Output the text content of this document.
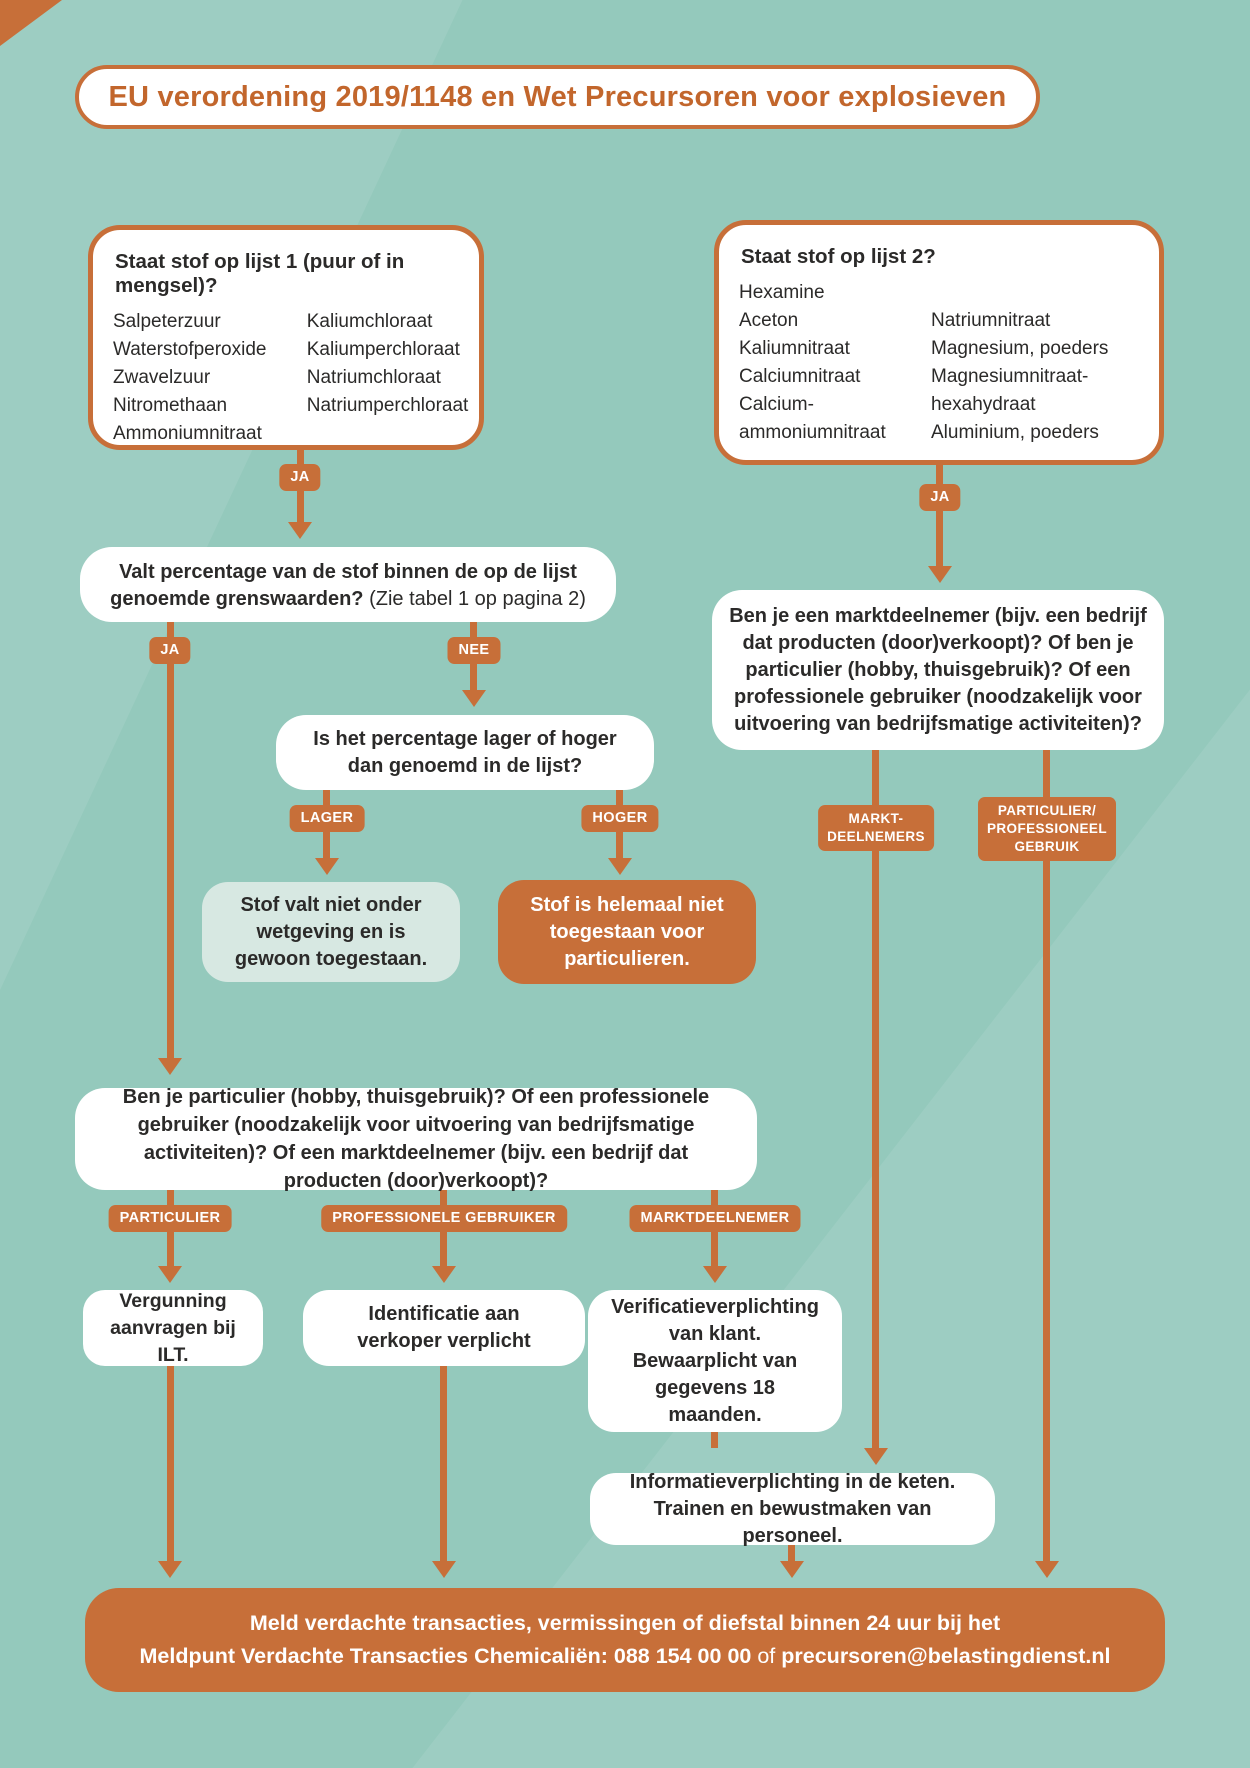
EU verordening 2019/1148 en Wet Precursoren voor explosieven
Staat stof op lijst 1 (puur of in mengsel)?
Salpeterzuur
Waterstofperoxide
Zwavelzuur
Nitromethaan
Ammoniumnitraat
Kaliumchloraat
Kaliumperchloraat
Natriumchloraat
Natriumperchloraat
Staat stof op lijst 2?
Hexamine
Aceton
Kaliumnitraat
Calciumnitraat
Calcium-
ammoniumnitraat
Natriumnitraat
Magnesium, poeders
Magnesiumnitraat-
hexahydraat
Aluminium, poeders
Valt percentage van de stof binnen de op de lijst genoemde grenswaarden? (Zie tabel 1 op pagina 2)
Is het percentage lager of hoger dan genoemd in de lijst?
Stof valt niet onder wetgeving en is gewoon toegestaan.
Stof is helemaal niet toegestaan voor particulieren.
Ben je een marktdeelnemer (bijv. een bedrijf dat producten (door)verkoopt)? Of ben je particulier (hobby, thuisgebruik)? Of een professionele gebruiker (noodzakelijk voor uitvoering van bedrijfsmatige activiteiten)?
Ben je particulier (hobby, thuisgebruik)? Of een professionele gebruiker (noodzakelijk voor uitvoering van bedrijfsmatige activiteiten)? Of een marktdeelnemer (bijv. een bedrijf dat producten (door)verkoopt)?
Vergunning aanvragen bij ILT.
Identificatie aan verkoper verplicht
Verificatieverplichting van klant. Bewaarplicht van gegevens 18 maanden.
Informatieverplichting in de keten. Trainen en bewustmaken van personeel.
JA
JA	NEE
LAGER	HOGER
JA
MARKT-
DEELNEMERS
PARTICULIER/
PROFESSIONEEL
GEBRUIK
PARTICULIER	PROFESSIONELE GEBRUIKER	MARKTDEELNEMER
Meld verdachte transacties, vermissingen of diefstal binnen 24 uur bij het
Meldpunt Verdachte Transacties Chemicaliën: 088 154 00 00 of precursoren@belastingdienst.nl
